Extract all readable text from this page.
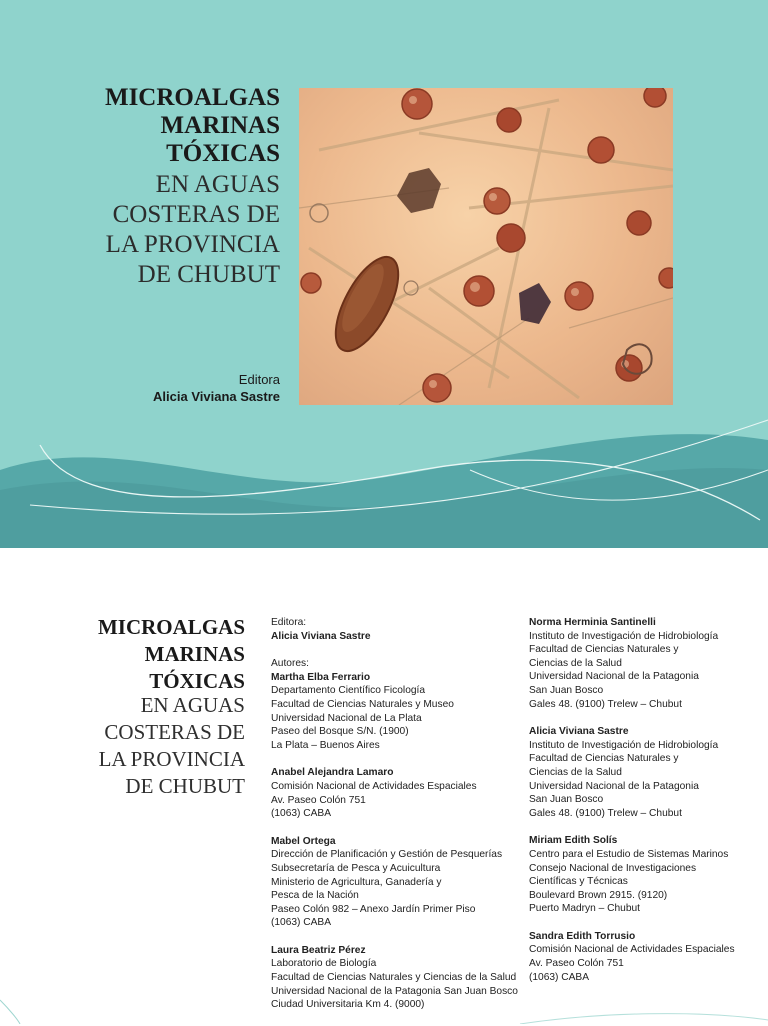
MICROALGAS
MARINAS
TÓXICAS
EN AGUAS
COSTERAS DE
LA PROVINCIA
DE CHUBUT
Editora
Alicia Viviana Sastre
MICROALGAS
MARINAS
TÓXICAS
EN AGUAS
COSTERAS DE
LA PROVINCIA
DE CHUBUT
Editora:
Alicia Viviana Sastre
Autores:
Martha Elba Ferrario
Departamento Científico Ficología
Facultad de Ciencias Naturales y Museo
Universidad Nacional de La Plata
Paseo del Bosque S/N. (1900)
La Plata – Buenos Aires
Anabel Alejandra Lamaro
Comisión Nacional de Actividades Espaciales
Av. Paseo Colón 751
(1063) CABA
Mabel Ortega
Dirección de Planificación y Gestión de Pesquerías
Subsecretaría de Pesca y Acuicultura
Ministerio de Agricultura, Ganadería y
Pesca de la Nación
Paseo Colón 982 – Anexo Jardín Primer Piso
(1063) CABA
Laura Beatriz Pérez
Laboratorio de Biología
Facultad de Ciencias Naturales y Ciencias de la Salud
Universidad Nacional de la Patagonia San Juan Bosco
Ciudad Universitaria Km 4. (9000)
Norma Herminia Santinelli
Instituto de Investigación de Hidrobiología
Facultad de Ciencias Naturales y
Ciencias de la Salud
Universidad Nacional de la Patagonia
San Juan Bosco
Gales 48. (9100) Trelew – Chubut
Alicia Viviana Sastre
Instituto de Investigación de Hidrobiología
Facultad de Ciencias Naturales y
Ciencias de la Salud
Universidad Nacional de la Patagonia
San Juan Bosco
Gales 48. (9100) Trelew – Chubut
Miriam Edith Solís
Centro para el Estudio de Sistemas Marinos
Consejo Nacional de Investigaciones
Científicas y Técnicas
Boulevard Brown 2915. (9120)
Puerto Madryn – Chubut
Sandra Edith Torrusio
Comisión Nacional de Actividades Espaciales
Av. Paseo Colón 751
(1063) CABA
